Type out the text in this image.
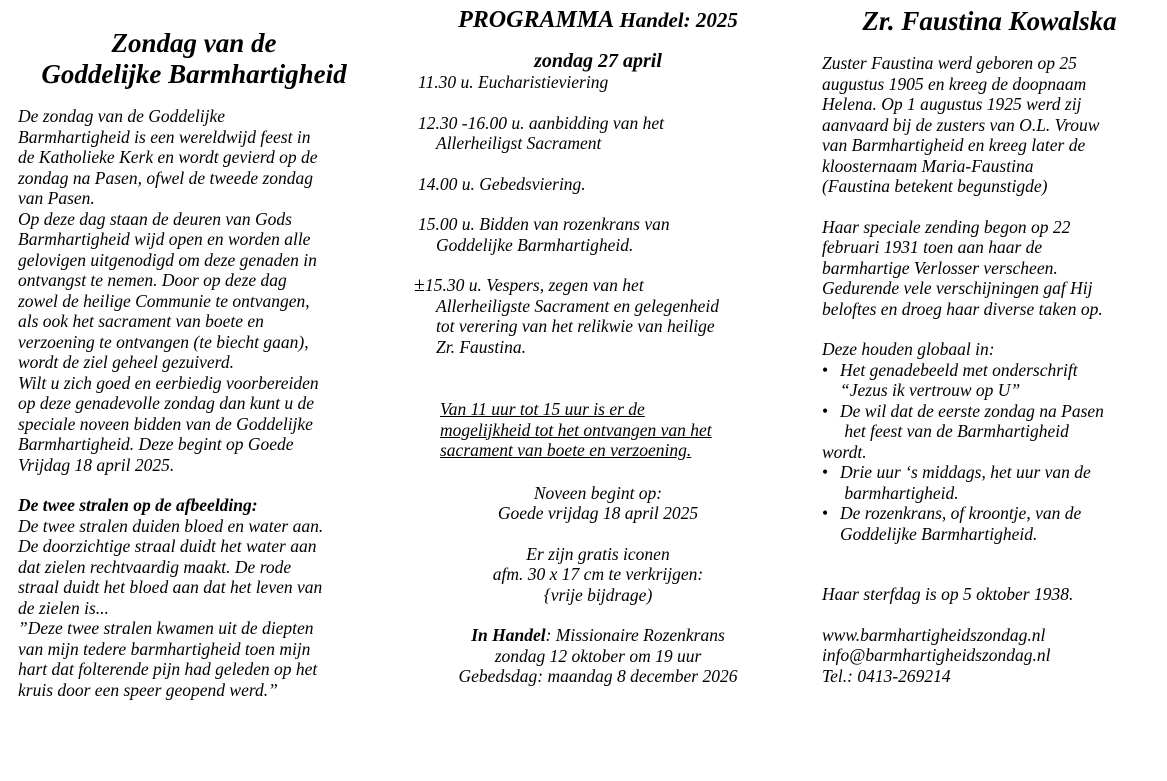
Zondag van de

Goddelijke Barmhartigheid

De zondag van de Goddelijke
Barmhartigheid is een wereldwijd feest in
de Katholieke Kerk en wordt gevierd op de
zondag na Pasen, ofwel de tweede zondag
van Pasen.
Op deze dag staan de deuren van Gods
Barmhartigheid wijd open en worden alle
gelovigen uitgenodigd om deze genaden in
ontvangst te nemen. Door op deze dag
zowel de heilige Communie te ontvangen,
als ook het sacrament van boete en
verzoening te ontvangen (te biecht gaan),
wordt de ziel geheel gezuiverd.
Wilt u zich goed en eerbiedig voorbereiden
op deze genadevolle zondag dan kunt u de
speciale noveen bidden van de Goddelijke
Barmhartigheid. Deze begint op Goede
Vrijdag 18 april 2025.

De twee stralen op de afbeelding:

De twee stralen duiden bloed en water aan.
De doorzichtige straal duidt het water aan
dat zielen rechtvaardig maakt. De rode
straal duidt het bloed aan dat het leven van
de zielen is...
”Deze twee stralen kwamen uit de diepten
van mijn tedere barmhartigheid toen mijn
hart dat folterende pijn had geleden op het
kruis door een speer geopend werd.”

PROGRAMMA Handel: 2025

zondag 27 april

11.30 u. Eucharistieviering

12.30 -16.00 u. aanbidding van het
Allerheiligst Sacrament

14.00 u. Gebedsviering.

15.00 u. Bidden van rozenkrans van
Goddelijke Barmhartigheid.

±15.30 u. Vespers, zegen van het
Allerheiligste Sacrament en gelegenheid
tot verering van het relikwie van heilige
Zr. Faustina.

Van 11 uur tot 15 uur is er de
mogelijkheid tot het ontvangen van het
sacrament van boete en verzoening.

Noveen begint op:
Goede vrijdag 18 april 2025

Er zijn gratis iconen
afm. 30 x 17 cm te verkrijgen:
{vrije bijdrage)

In Handel: Missionaire Rozenkrans
zondag 12 oktober om 19 uur
Gebedsdag: maandag 8 december 2026

Zr. Faustina Kowalska

Zuster Faustina werd geboren op 25
augustus 1905 en kreeg de doopnaam
Helena. Op 1 augustus 1925 werd zij
aanvaard bij de zusters van O.L. Vrouw
van Barmhartigheid en kreeg later de
kloosternaam Maria-Faustina
(Faustina betekent begunstigde)

Haar speciale zending begon op 22
februari 1931 toen aan haar de
barmhartige Verlosser verscheen.
Gedurende vele verschijningen gaf Hij
beloftes en droeg haar diverse taken op.

Deze houden globaal in:

• Het genadebeeld met onderschrift
“Jezus ik vertrouw op U”
• De wil dat de eerste zondag na Pasen
het feest van de Barmhartigheid

wordt.

• Drie uur ‘s middags, het uur van de
barmhartigheid.
• De rozenkrans, of kroontje, van de
Goddelijke Barmhartigheid.

Haar sterfdag is op 5 oktober 1938.

www.barmhartigheidszondag.nl

info@barmhartigheidszondag.nl

Tel.: 0413-269214
